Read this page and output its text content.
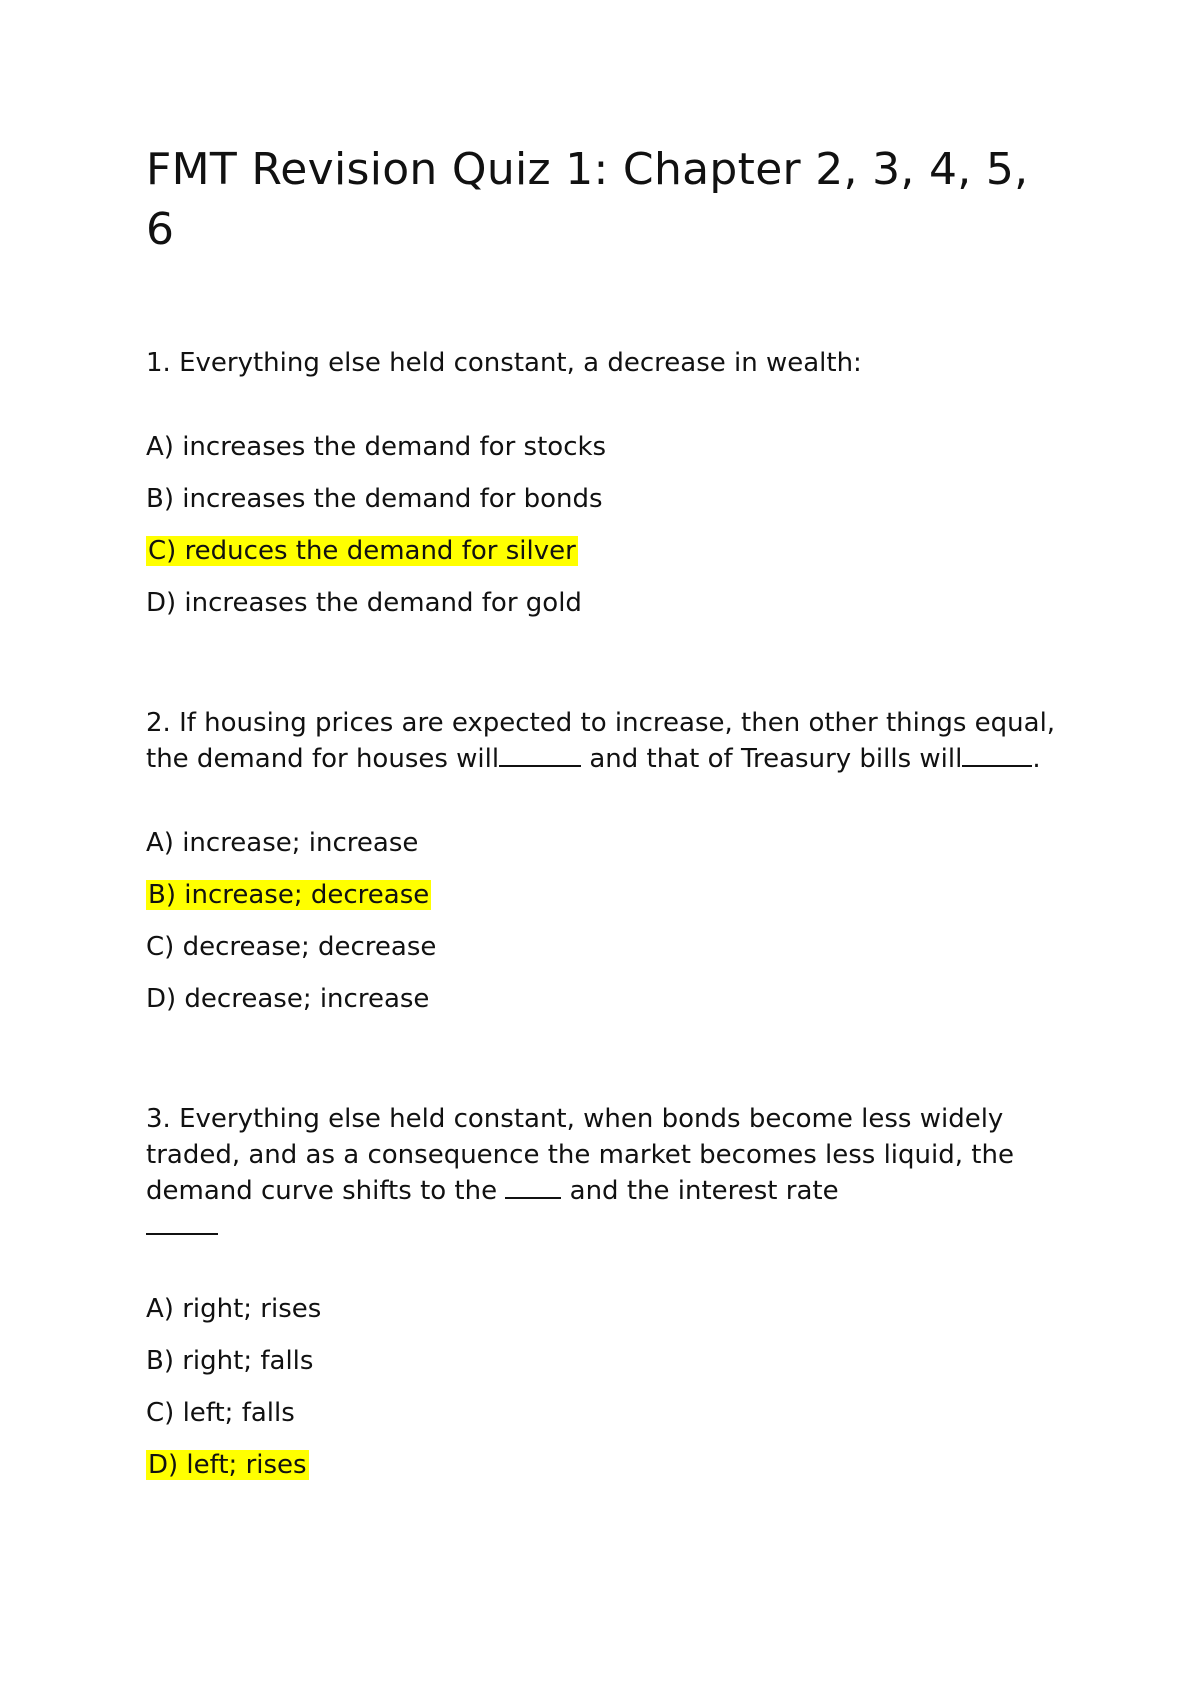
FMT Revision Quiz 1: Chapter 2, 3, 4, 5, 6

1. Everything else held constant, a decrease in wealth:

A) increases the demand for stocks
B) increases the demand for bonds
C) reduces the demand for silver
D) increases the demand for gold

2. If housing prices are expected to increase, then other things equal, the demand for houses will	and that of Treasury bills will	.

A) increase; increase
B) increase; decrease
C) decrease; decrease
D) decrease; increase

3. Everything else held constant, when bonds become less widely traded, and as a consequence the market becomes less liquid, the demand curve shifts to the  and the interest rate

A) right; rises
B) right; falls
C) left; falls
D) left; rises
